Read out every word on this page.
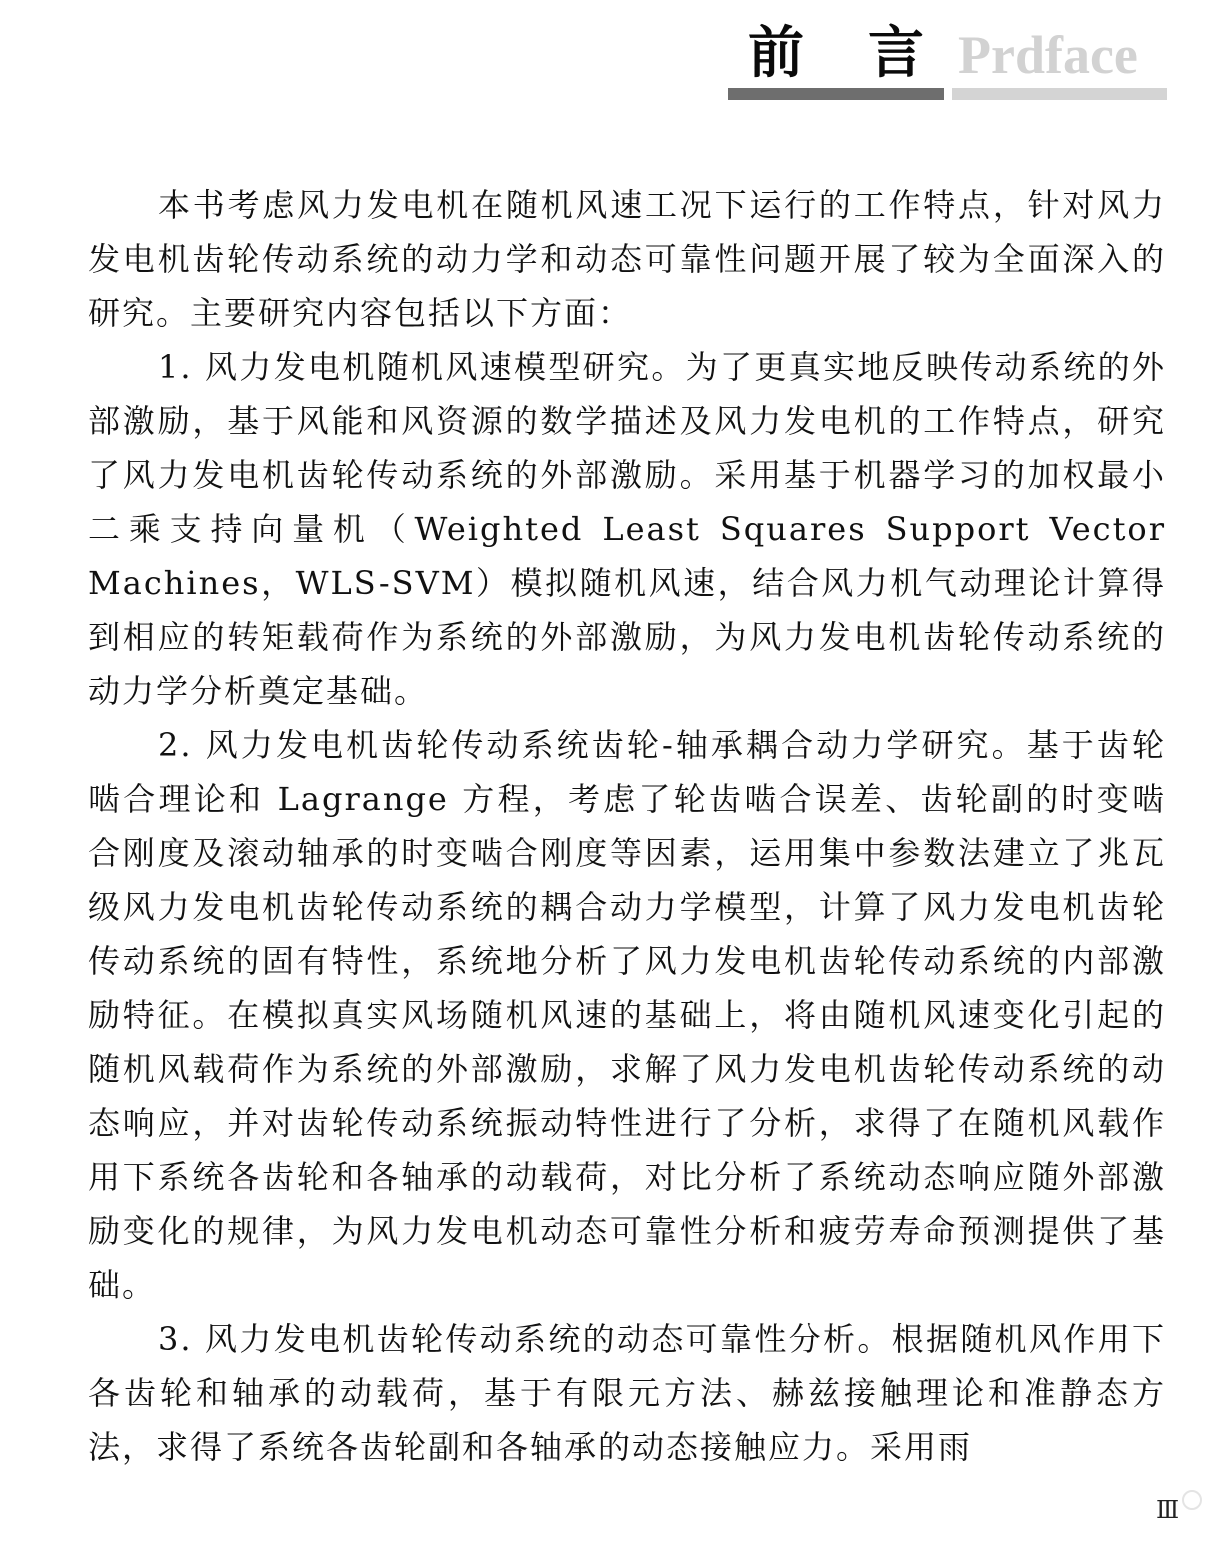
前言
Prdface

本书考虑风力发电机在随机风速工况下运行的工作特点，针对风力发电机齿轮传动系统的动力学和动态可靠性问题开展了较为全面深入的研究。主要研究内容包括以下方面：

1. 风力发电机随机风速模型研究。为了更真实地反映传动系统的外部激励，基于风能和风资源的数学描述及风力发电机的工作特点，研究了风力发电机齿轮传动系统的外部激励。采用基于机器学习的加权最小二乘支持向量机（Weighted Least Squares Support Vector Machines，WLS-SVM）模拟随机风速，结合风力机气动理论计算得到相应的转矩载荷作为系统的外部激励，为风力发电机齿轮传动系统的动力学分析奠定基础。

2. 风力发电机齿轮传动系统齿轮-轴承耦合动力学研究。基于齿轮啮合理论和 Lagrange 方程，考虑了轮齿啮合误差、齿轮副的时变啮合刚度及滚动轴承的时变啮合刚度等因素，运用集中参数法建立了兆瓦级风力发电机齿轮传动系统的耦合动力学模型，计算了风力发电机齿轮传动系统的固有特性，系统地分析了风力发电机齿轮传动系统的内部激励特征。在模拟真实风场随机风速的基础上，将由随机风速变化引起的随机风载荷作为系统的外部激励，求解了风力发电机齿轮传动系统的动态响应，并对齿轮传动系统振动特性进行了分析，求得了在随机风载作用下系统各齿轮和各轴承的动载荷，对比分析了系统动态响应随外部激励变化的规律，为风力发电机动态可靠性分析和疲劳寿命预测提供了基础。

3. 风力发电机齿轮传动系统的动态可靠性分析。根据随机风作用下各齿轮和轴承的动载荷，基于有限元方法、赫兹接触理论和准静态方法，求得了系统各齿轮副和各轴承的动态接触应力。采用雨

Ⅲ
